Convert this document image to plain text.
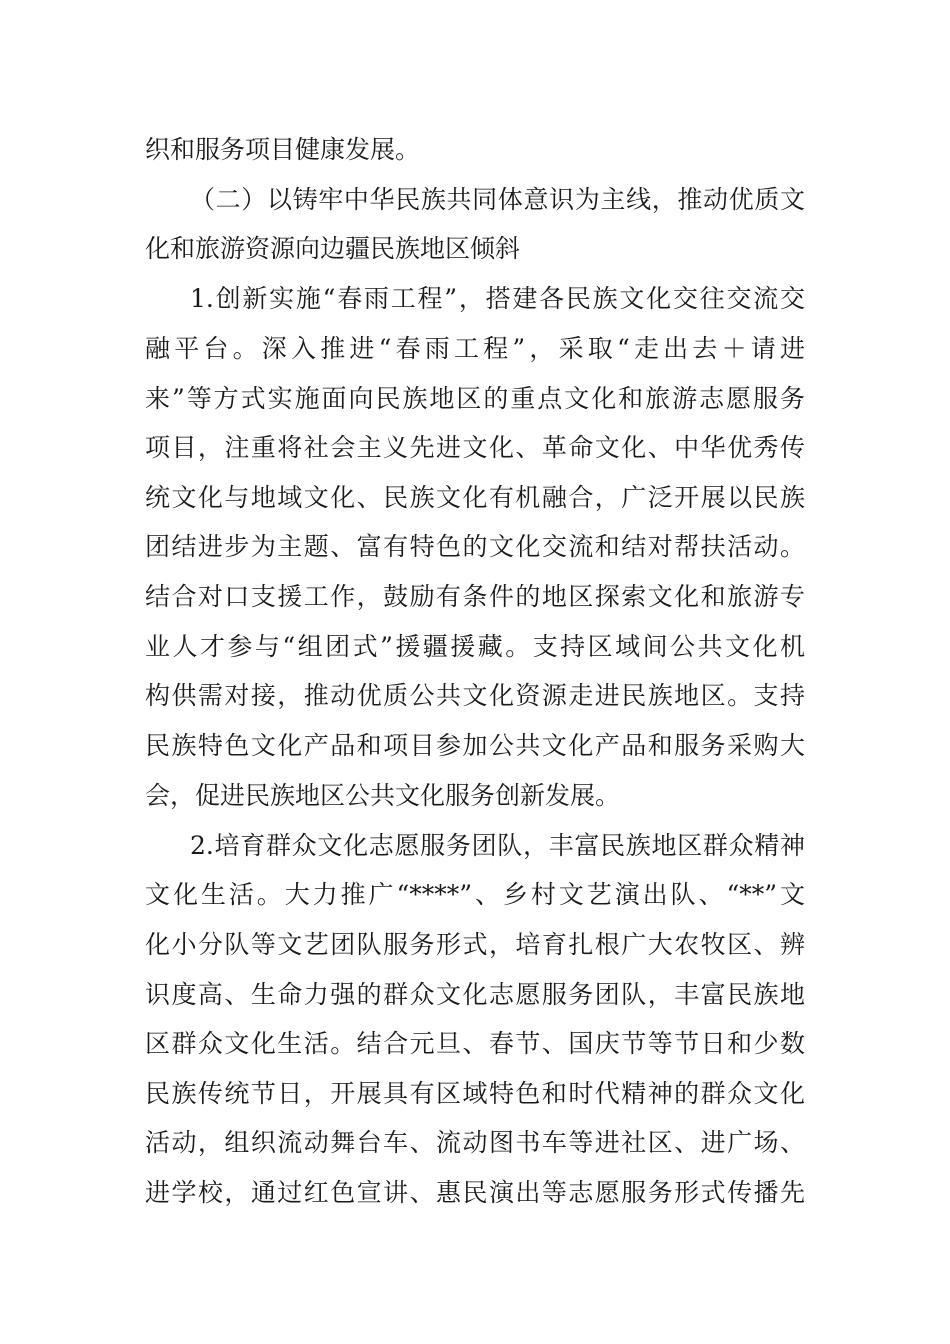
织和服务项目健康发展。
（二）以铸牢中华民族共同体意识为主线，推动优质文
化和旅游资源向边疆民族地区倾斜
1.创新实施“春雨工程”，搭建各民族文化交往交流交
融平台。深入推进“春雨工程”，采取“走出去＋请进
来”等方式实施面向民族地区的重点文化和旅游志愿服务
项目，注重将社会主义先进文化、革命文化、中华优秀传
统文化与地域文化、民族文化有机融合，广泛开展以民族
团结进步为主题、富有特色的文化交流和结对帮扶活动。
结合对口支援工作，鼓励有条件的地区探索文化和旅游专
业人才参与“组团式”援疆援藏。支持区域间公共文化机
构供需对接，推动优质公共文化资源走进民族地区。支持
民族特色文化产品和项目参加公共文化产品和服务采购大
会，促进民族地区公共文化服务创新发展。
2.培育群众文化志愿服务团队，丰富民族地区群众精神
文化生活。大力推广“****”、乡村文艺演出队、“**”文
化小分队等文艺团队服务形式，培育扎根广大农牧区、辨
识度高、生命力强的群众文化志愿服务团队，丰富民族地
区群众文化生活。结合元旦、春节、国庆节等节日和少数
民族传统节日，开展具有区域特色和时代精神的群众文化
活动，组织流动舞台车、流动图书车等进社区、进广场、
进学校，通过红色宣讲、惠民演出等志愿服务形式传播先
